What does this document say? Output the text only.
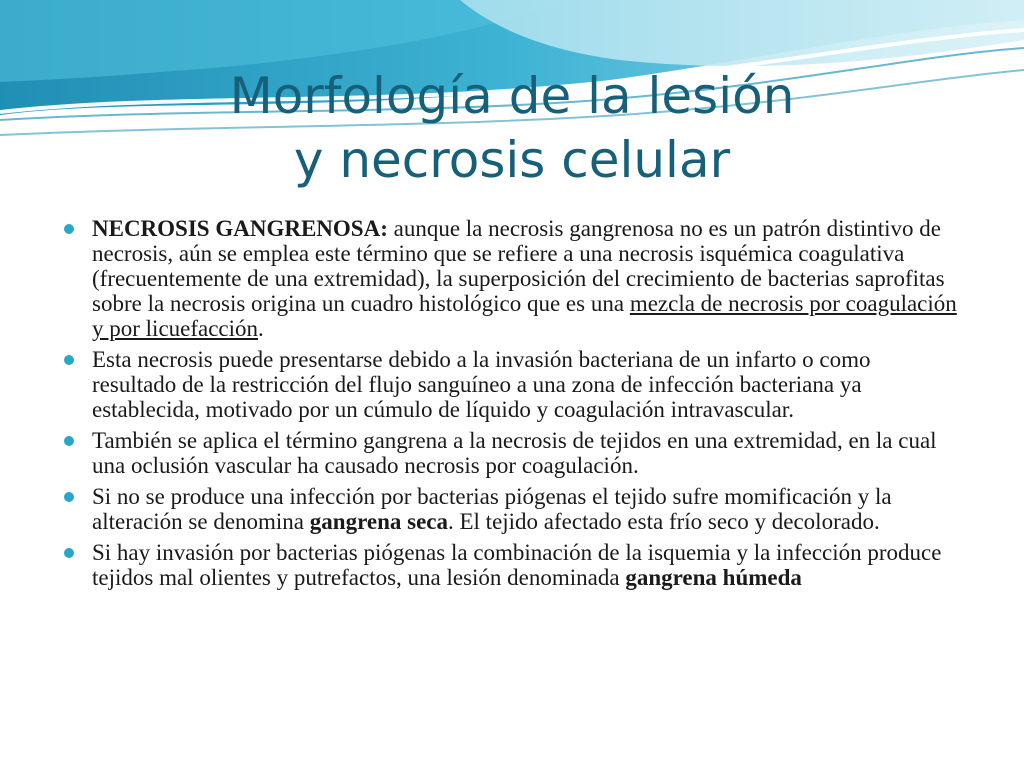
Morfología de la lesión
y necrosis celular
NECROSIS GANGRENOSA: aunque la necrosis gangrenosa no es un patrón distintivo de necrosis, aún se emplea este término que se refiere a una necrosis isquémica coagulativa (frecuentemente de una extremidad), la superposición del crecimiento de bacterias saprofitas sobre la necrosis origina un cuadro histológico que es una mezcla de necrosis por coagulación y por licuefacción.
Esta necrosis puede presentarse debido a la invasión bacteriana de un infarto o como resultado de la restricción del flujo sanguíneo a una zona de infección bacteriana ya establecida, motivado por un cúmulo de líquido y coagulación intravascular.
También se aplica el término gangrena a la necrosis de tejidos en una extremidad, en la cual una oclusión vascular ha causado necrosis por coagulación.
Si no se produce una infección por bacterias piógenas el tejido sufre momificación y la alteración se denomina gangrena seca. El tejido afectado esta frío seco y decolorado.
Si hay invasión por bacterias piógenas la combinación de la isquemia y la infección produce tejidos mal olientes y putrefactos, una lesión denominada gangrena húmeda
